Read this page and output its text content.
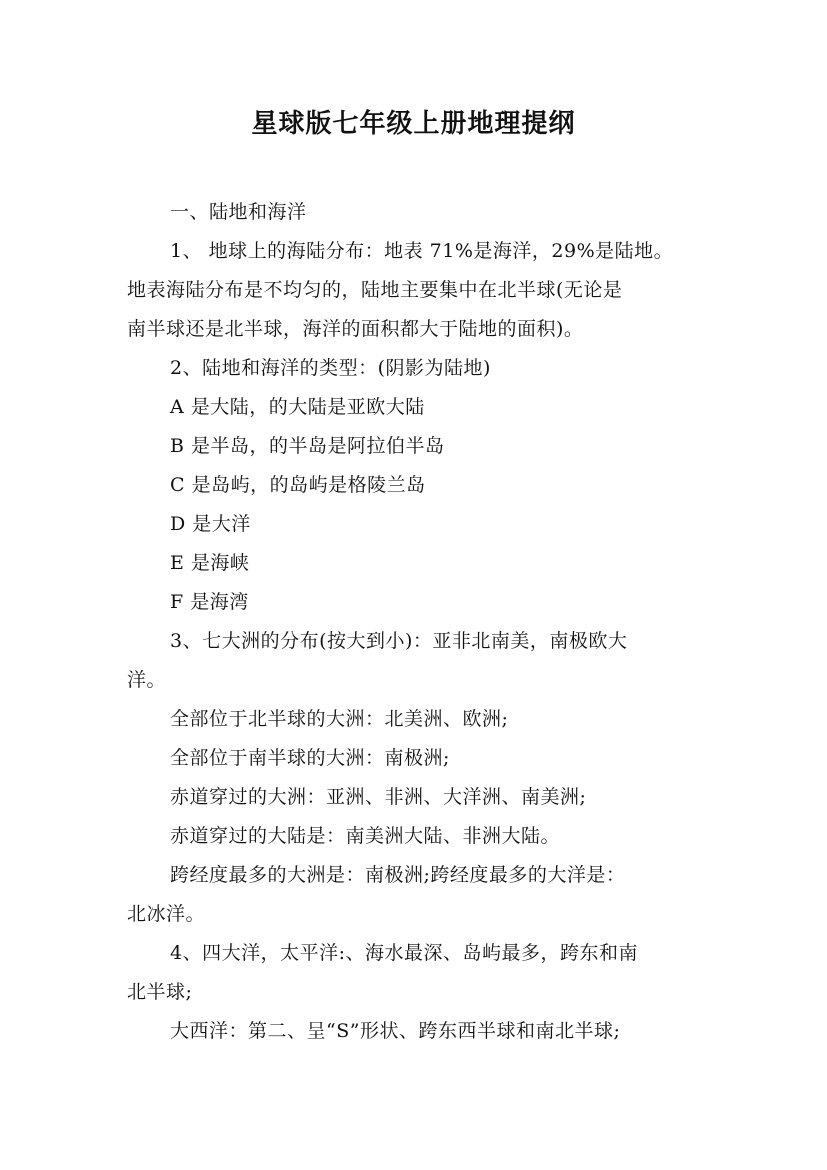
星球版七年级上册地理提纲
一、陆地和海洋
1、 地球上的海陆分布：地表 71%是海洋，29%是陆地。
地表海陆分布是不均匀的，陆地主要集中在北半球(无论是
南半球还是北半球，海洋的面积都大于陆地的面积)。
2、陆地和海洋的类型：(阴影为陆地)
A 是大陆，的大陆是亚欧大陆
B 是半岛，的半岛是阿拉伯半岛
C 是岛屿，的岛屿是格陵兰岛
D 是大洋
E 是海峡
F 是海湾
3、七大洲的分布(按大到小)：亚非北南美，南极欧大
洋。
全部位于北半球的大洲：北美洲、欧洲;
全部位于南半球的大洲：南极洲;
赤道穿过的大洲：亚洲、非洲、大洋洲、南美洲;
赤道穿过的大陆是：南美洲大陆、非洲大陆。
跨经度最多的大洲是：南极洲;跨经度最多的大洋是：
北冰洋。
4、四大洋，太平洋:、海水最深、岛屿最多，跨东和南
北半球;
大西洋：第二、呈“S”形状、跨东西半球和南北半球;
